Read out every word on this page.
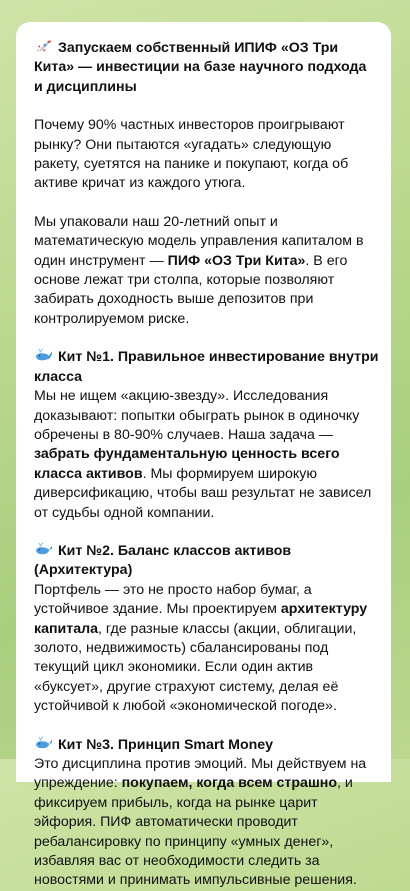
Запускаем собственный ИПИФ «ОЗ Три Кита» — инвестиции на базе научного подхода и дисциплины
Почему 90% частных инвесторов проигрывают рынку? Они пытаются «угадать» следующую ракету, суетятся на панике и покупают, когда об активе кричат из каждого утюга.
Мы упаковали наш 20-летний опыт и математическую модель управления капиталом в один инструмент — ПИФ «ОЗ Три Кита». В его основе лежат три столпа, которые позволяют забирать доходность выше депозитов при контролируемом риске.
Кит №1. Правильное инвестирование внутри класса
Мы не ищем «акцию-звезду». Исследования доказывают: попытки обыграть рынок в одиночку обречены в 80-90% случаев. Наша задача — забрать фундаментальную ценность всего класса активов. Мы формируем широкую диверсификацию, чтобы ваш результат не зависел от судьбы одной компании.
Кит №2. Баланс классов активов (Архитектура)
Портфель — это не просто набор бумаг, а устойчивое здание. Мы проектируем архитектуру капитала, где разные классы (акции, облигации, золото, недвижимость) сбалансированы под текущий цикл экономики. Если один актив «буксует», другие страхуют систему, делая её устойчивой к любой «экономической погоде».
Кит №3. Принцип Smart Money
Это дисциплина против эмоций. Мы действуем на упреждение: покупаем, когда всем страшно, и фиксируем прибыль, когда на рынке царит эйфория. ПИФ автоматически проводит ребалансировку по принципу «умных денег», избавляя вас от необходимости следить за новостями и принимать импульсивные решения.
